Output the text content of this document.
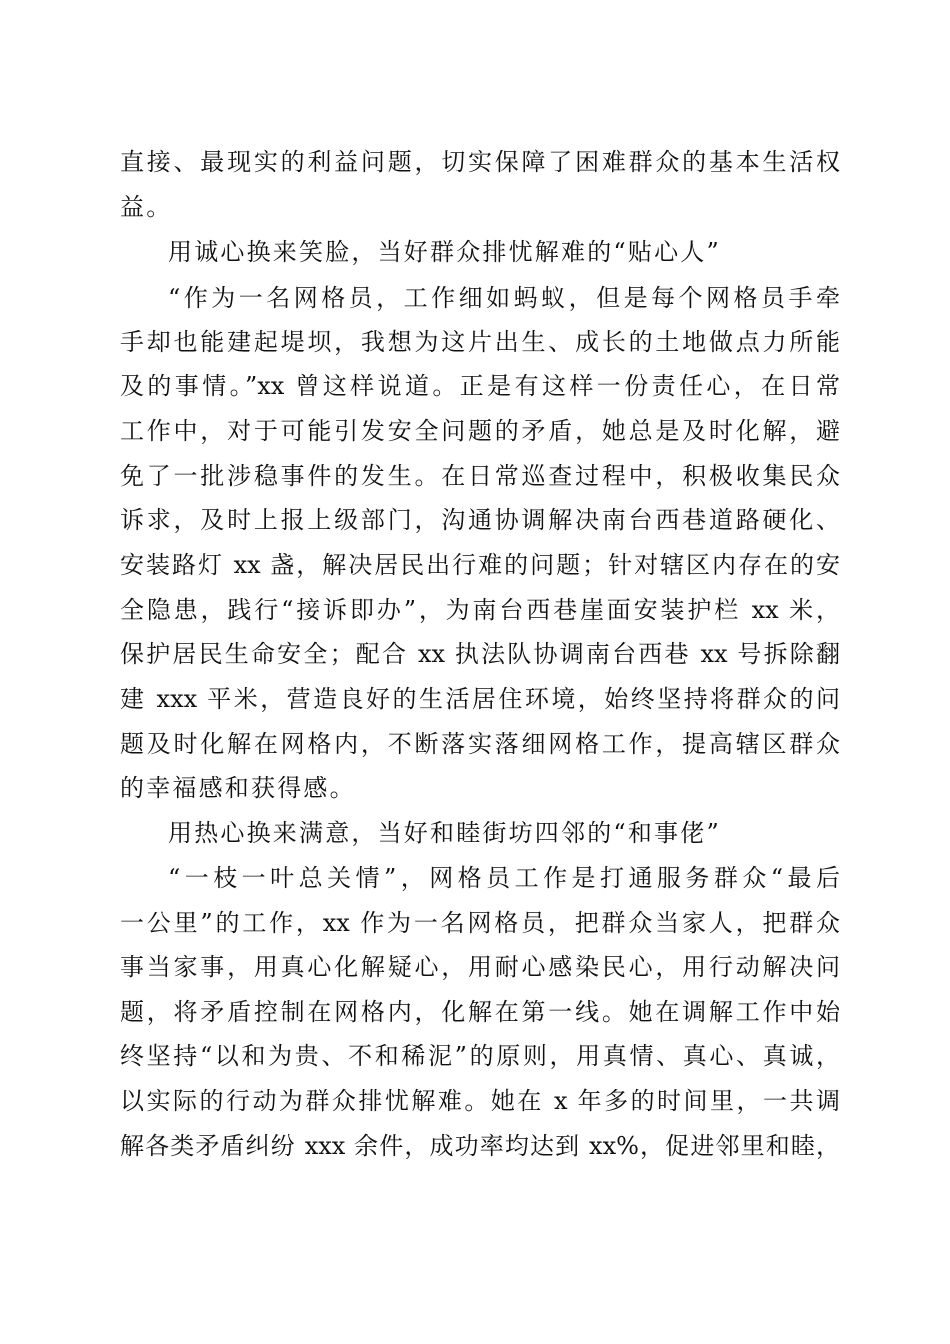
直接、最现实的利益问题，切实保障了困难群众的基本生活权

益。

用诚心换来笑脸，当好群众排忧解难的“贴心人”

“作为一名网格员，工作细如蚂蚁，但是每个网格员手牵

手却也能建起堤坝，我想为这片出生、成长的土地做点力所能

及的事情。”xx 曾这样说道。正是有这样一份责任心，在日常

工作中，对于可能引发安全问题的矛盾，她总是及时化解，避

免了一批涉稳事件的发生。在日常巡查过程中，积极收集民众

诉求，及时上报上级部门，沟通协调解决南台西巷道路硬化、

安装路灯 xx 盏，解决居民出行难的问题；针对辖区内存在的安

全隐患，践行“接诉即办”，为南台西巷崖面安装护栏 xx 米，

保护居民生命安全；配合 xx 执法队协调南台西巷 xx 号拆除翻

建 xxx 平米，营造良好的生活居住环境，始终坚持将群众的问

题及时化解在网格内，不断落实落细网格工作，提高辖区群众

的幸福感和获得感。

用热心换来满意，当好和睦街坊四邻的“和事佬”

“一枝一叶总关情”，网格员工作是打通服务群众“最后

一公里”的工作，xx 作为一名网格员，把群众当家人，把群众

事当家事，用真心化解疑心，用耐心感染民心，用行动解决问

题，将矛盾控制在网格内，化解在第一线。她在调解工作中始

终坚持“以和为贵、不和稀泥”的原则，用真情、真心、真诚，

以实际的行动为群众排忧解难。她在 x 年多的时间里，一共调

解各类矛盾纠纷 xxx 余件，成功率均达到 xx%，促进邻里和睦，
